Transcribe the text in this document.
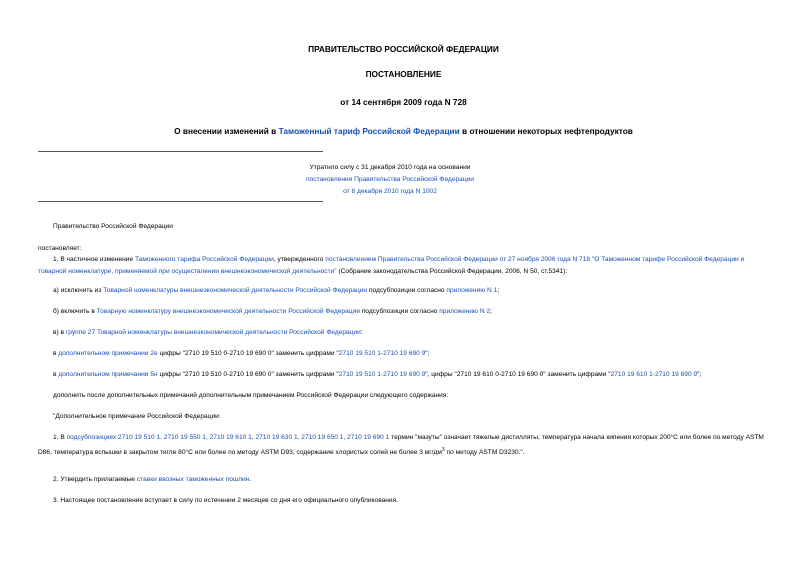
ПРАВИТЕЛЬСТВО РОССИЙСКОЙ ФЕДЕРАЦИИ
ПОСТАНОВЛЕНИЕ
от 14 сентября 2009 года N 728
О внесении изменений в Таможенный тариф Российской Федерации в отношении некоторых нефтепродуктов
Утратило силу с 31 декабря 2010 года на основании
постановления Правительства Российской Федерации
от 8 декабря 2010 года N 1002
Правительство Российской Федерации
постановляет:
1. В частичное изменение Таможенного тарифа Российской Федерации, утвержденного постановлением Правительства Российской Федерации от 27 ноября 2006 года N 718 "О Таможенном тарифе Российской Федерации и товарной номенклатуре, применяемой при осуществлении внешнеэкономической деятельности" (Собрание законодательства Российской Федерации, 2006, N 50, ст.5341):
а) исключить из Товарной номенклатуры внешнеэкономической деятельности Российской Федерации подсубпозиции согласно приложению N 1;
б) включить в Товарную номенклатуру внешнеэкономической деятельности Российской Федерации подсубпозиции согласно приложению N 2;
в) в группе 27 Товарной номенклатуры внешнеэкономической деятельности Российской Федерации:
в дополнительном примечании 2е цифры "2710 19 510 0-2710 19 690 0" заменить цифрами "2710 19 510 1-2710 19 690 9";
в дополнительном примечании 5н цифры "2710 19 510 0-2710 19 690 0" заменить цифрами "2710 19 510 1-2710 19 690 9", цифры "2710 19 610 0-2710 19 690 0" заменить цифрами "2710 19 610 1-2710 19 690 9";
дополнить после дополнительных примечаний дополнительным примечанием Российской Федерации следующего содержания:
"Дополнительное примечание Российской Федерации:
1. В подсубпозициях 2710 19 510 1, 2710 19 550 1, 2710 19 610 1, 2710 19 630 1, 2710 19 650 1, 2710 19 690 1 термин "мазуты" означает тяжелые дистилляты, температура начала кипения которых 200°С или более по методу ASTM D86, температура вспышки в закрытом тигле 80°С или более по методу ASTM D93, содержание хлористых солей не более 3 $мг/дм^3$ по методу ASTM D3230.".
2. Утвердить прилагаемые ставки ввозных таможенных пошлин.
3. Настоящее постановление вступает в силу по истечении 2 месяцев со дня его официального опубликования.
